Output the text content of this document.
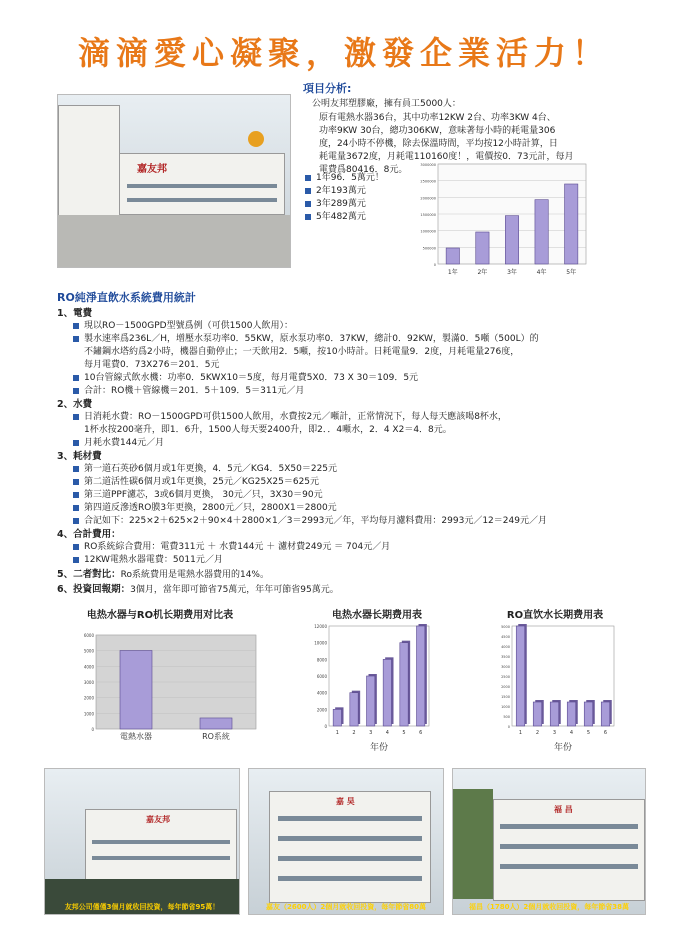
滴滴愛心凝聚，激發企業活力！
嘉友邦
項目分析:
公明友邦塑膠廠，擁有員工5000人：
原有電熱水器36台，其中功率12KW 2台、功率3KW 4台、
功率9KW 30台，總功306KW，意味著每小時的耗電量306
度，24小時不停機，除去保溫時間，平均按12小時計算，日
耗電量3672度，月耗電110160度！，電價按0．73元計，每月
電費爲80416．8元。
1年96．5萬元！
2年193萬元
3年289萬元
5年482萬元
0
500000
1000000
1500000
2000000
2500000
3000000
1年	2年	3年	4年	5年
RO純淨直飲水系統費用統計
1、電費
現以RO－1500GPD型號爲例（可供1500人飲用）：
製水速率爲236L／H，增壓水泵功率0．55KW，原水泵功率0．37KW，總計0．92KW，製滿0．5噸（500L）的
不鏽鋼水塔約爲2小時，機器自動停止；一天飲用2．5噸，按10小時計。日耗電量9．2度，月耗電量276度，
每月電費0．73X276＝201．5元
10台管線式飲水機：功率0．5KWX10＝5度，每月電費5X0．73 X 30＝109．5元
合計：RO機＋管線機＝201．5＋109．5＝311元／月
2、水費
日消耗水費：RO－1500GPD可供1500人飲用，水費按2元／噸計，正常情況下，每人每天應該喝8杯水，
1杯水按200毫升，即1．6升，1500人每天要2400升，即2．．4噸水，2．4 X2＝4．8元。
月耗水費144元／月
3、耗材費
第一道石英砂6個月或1年更換，4．5元／KG4．5X50＝225元
第二道活性碳6個月或1年更換，25元／KG25X25＝625元
第三道PPF濾芯，3或6個月更換， 30元／只，3X30＝90元
第四道反滲透RO膜3年更換，2800元／只，2800X1＝2800元
合記如下：225×2＋625×2＋90×4＋2800×1／3＝2993元／年，平均每月濾料費用：2993元／12＝249元／月
4、合計費用：
RO系統綜合費用：電費311元 ＋ 水費144元 ＋ 濾材費249元 ＝ 704元／月
12KW電熱水器電費：5011元／月
5、二者對比：Ro系統費用是電熱水器費用的14%。
6、投資回報期：3個月，當年即可節省75萬元，年年可節省95萬元。
电热水器与RO机长期费用对比表
0
1000
2000
3000
4000
5000
6000
電熱水器	RO系統
电热水器长期费用表
0
2000
4000
6000
8000
10000
12000
1	2	3	4	5	6
年份
RO直饮水长期费用表
0
500
1000
1500
2000
2500
3000
3500
4000
4500
5000
1	2	3	4	5	6
年份
嘉友邦
友邦公司僅僅3個月就收回投資，每年節省95萬！
嘉 昊
嘉友（2600人）2個月就收回投資，每年節省80萬
福 昌
福昌（1780人）2個月就收回投資，每年節省38萬
